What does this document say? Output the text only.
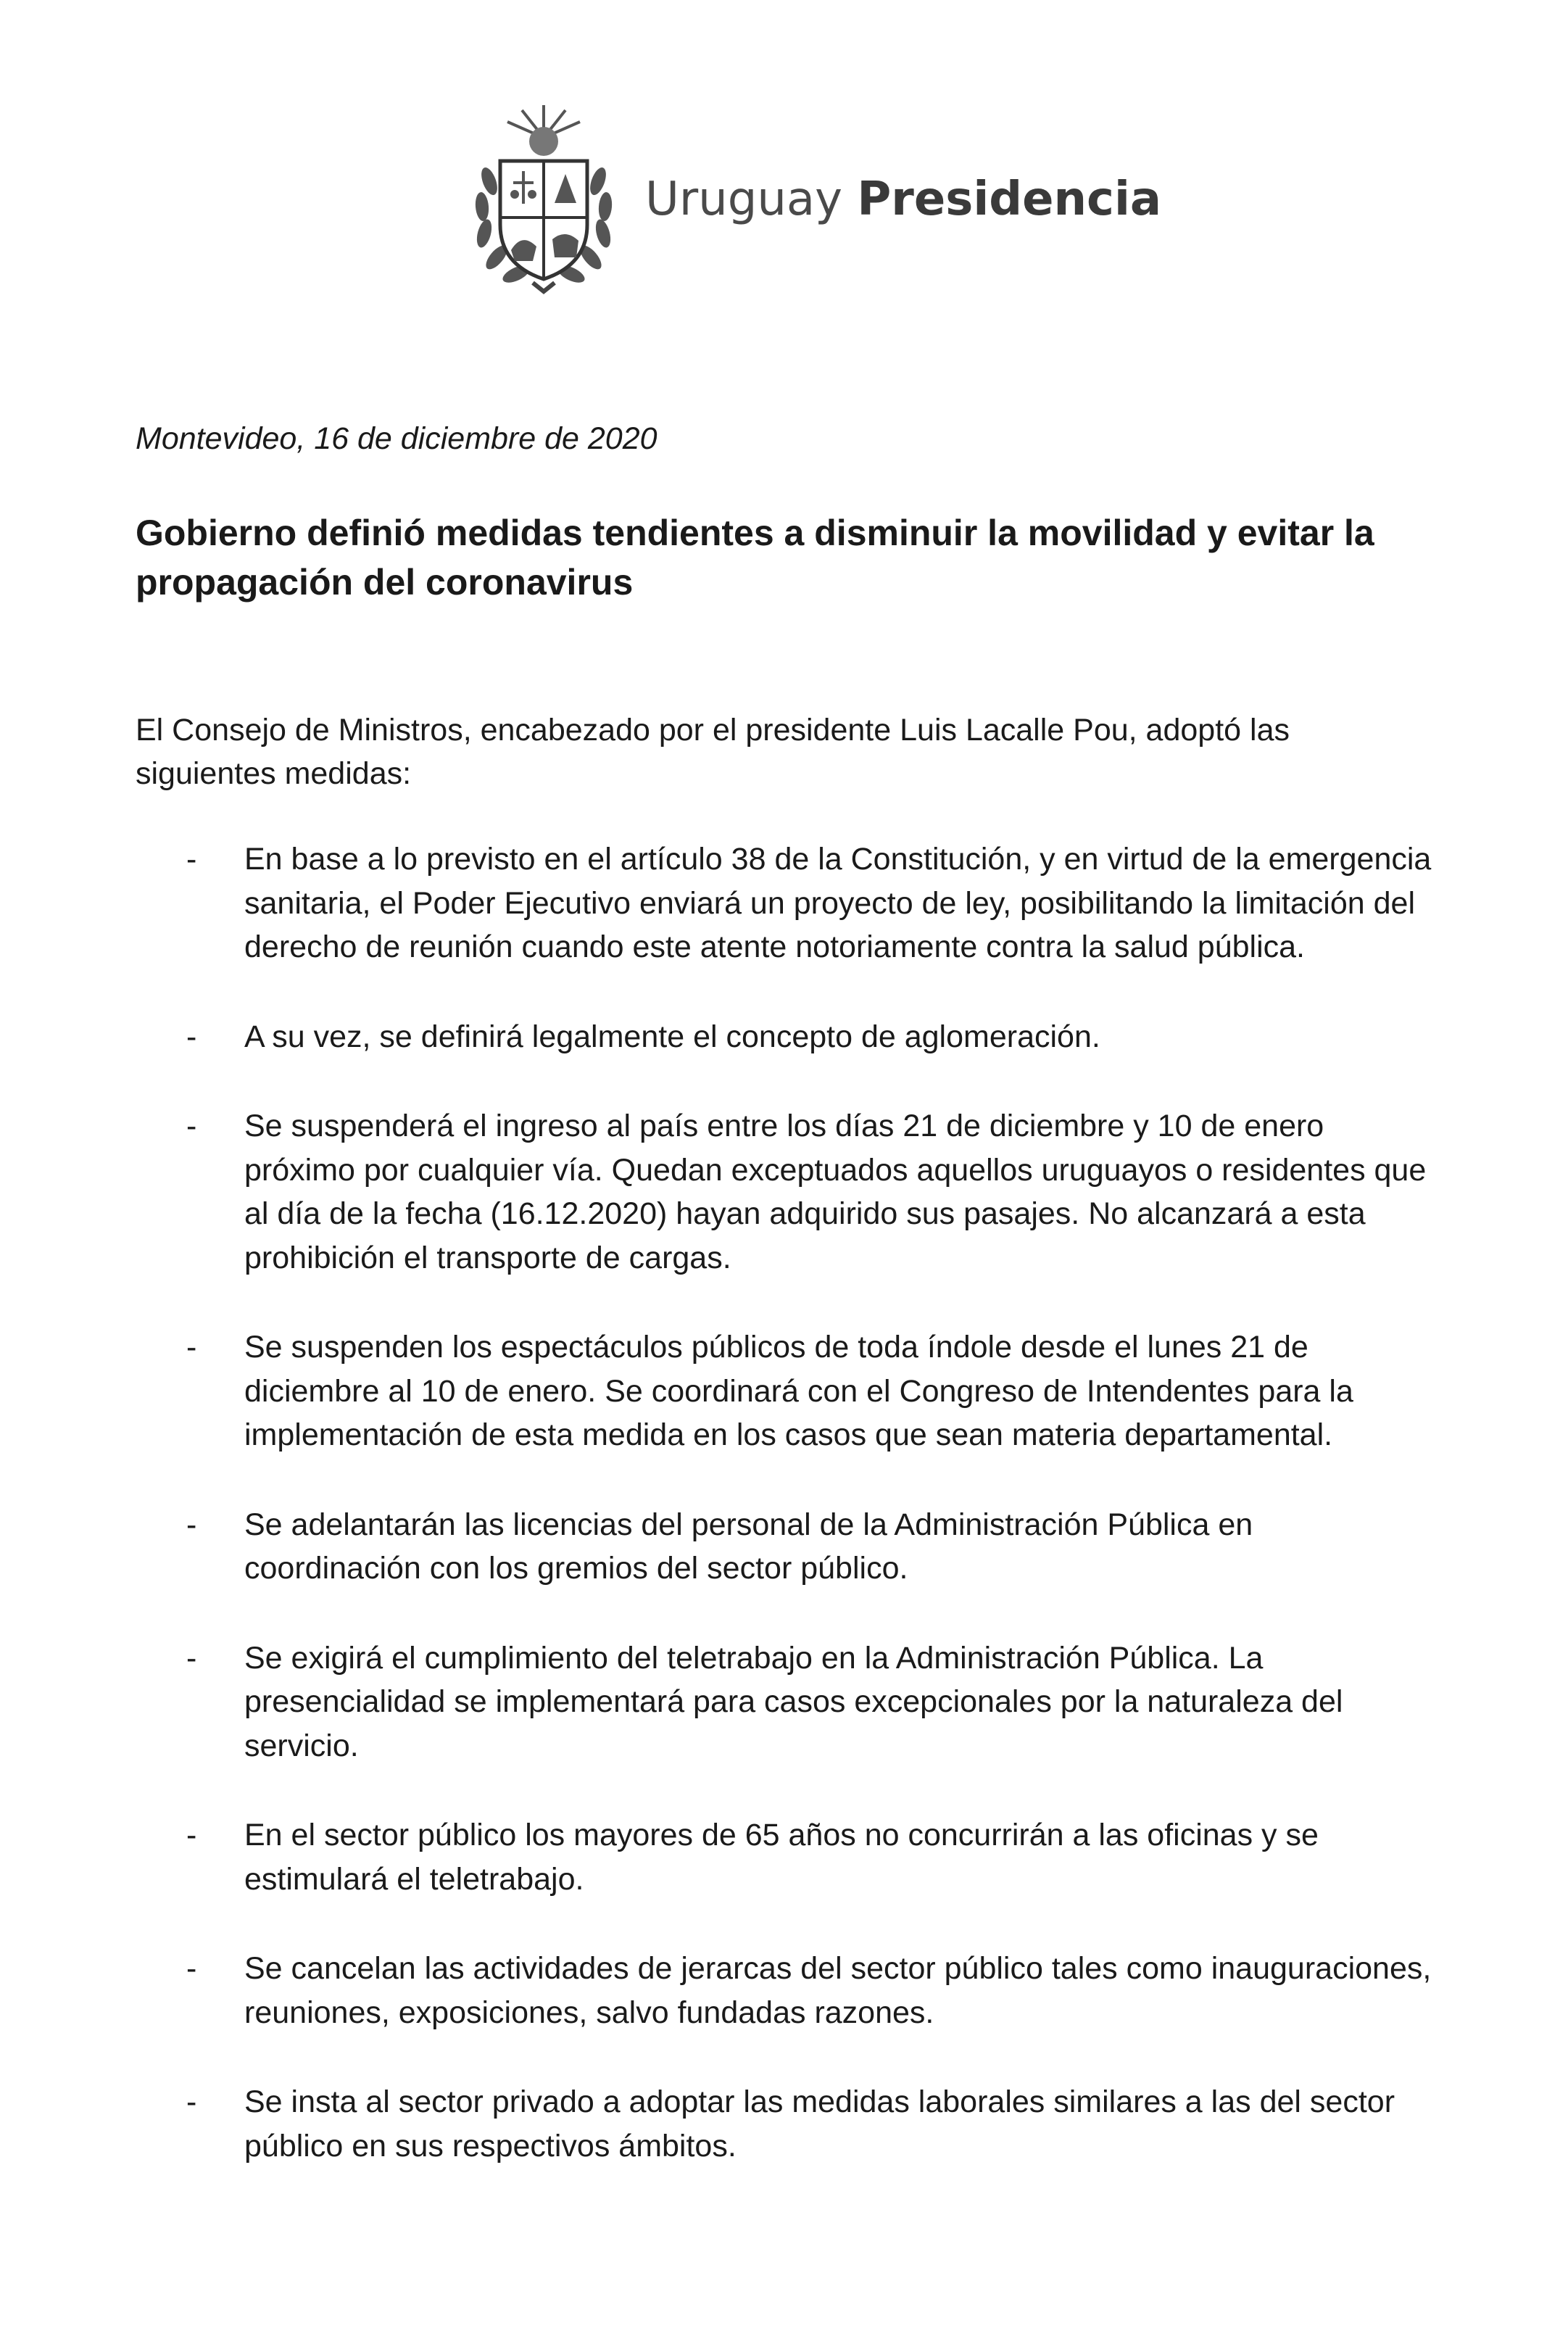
Uruguay Presidencia

Montevideo, 16 de diciembre de 2020

Gobierno definió medidas tendientes a disminuir la movilidad y evitar la propagación del coronavirus

El Consejo de Ministros, encabezado por el presidente Luis Lacalle Pou, adoptó las siguientes medidas:

- En base a lo previsto en el artículo 38 de la Constitución, y en virtud de la emergencia sanitaria, el Poder Ejecutivo enviará un proyecto de ley, posibilitando la limitación del derecho de reunión cuando este atente notoriamente contra la salud pública.
- A su vez, se definirá legalmente el concepto de aglomeración.
- Se suspenderá el ingreso al país entre los días 21 de diciembre y 10 de enero próximo por cualquier vía. Quedan exceptuados aquellos uruguayos o residentes que al día de la fecha (16.12.2020) hayan adquirido sus pasajes. No alcanzará a esta prohibición el transporte de cargas.
- Se suspenden los espectáculos públicos de toda índole desde el lunes 21 de diciembre al 10 de enero. Se coordinará con el Congreso de Intendentes para la implementación de esta medida en los casos que sean materia departamental.
- Se adelantarán las licencias del personal de la Administración Pública en coordinación con los gremios del sector público.
- Se exigirá el cumplimiento del teletrabajo en la Administración Pública. La presencialidad se implementará para casos excepcionales por la naturaleza del servicio.
- En el sector público los mayores de 65 años no concurrirán a las oficinas y se estimulará el teletrabajo.
- Se cancelan las actividades de jerarcas del sector público tales como inauguraciones, reuniones, exposiciones, salvo fundadas razones.
- Se insta al sector privado a adoptar las medidas laborales similares a las del sector público en sus respectivos ámbitos.
